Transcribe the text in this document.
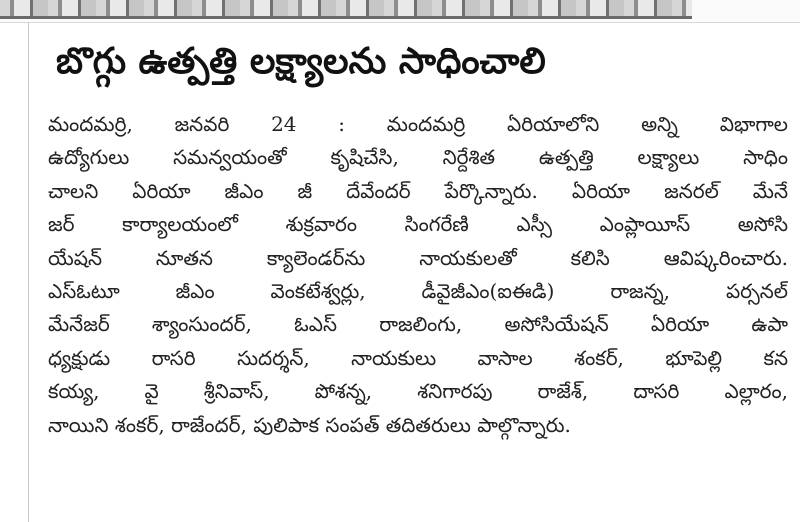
బొగ్గు ఉత్పత్తి లక్ష్యాలను సాధించాలి
మందమర్రి, జనవరి 24 : మందమర్రి ఏరియాలోని అన్ని విభాగాల
ఉద్యోగులు సమన్వయంతో కృషిచేసి, నిర్దేశిత ఉత్పత్తి లక్ష్యాలు సాధిం
చాలని ఏరియా జీఎం జీ దేవేందర్ పేర్కొన్నారు. ఏరియా జనరల్ మేనే
జర్ కార్యాలయంలో శుక్రవారం సింగరేణి ఎస్సీ ఎంప్లాయీస్ అసోసి
యేషన్ నూతన క్యాలెండర్‌ను నాయకులతో కలిసి ఆవిష్కరించారు.
ఎస్ఓటూ జీఎం వెంకటేశ్వర్లు, డీవైజీఎం(ఐఈడి) రాజన్న, పర్సనల్
మేనేజర్ శ్యాంసుందర్, ఓఎస్ రాజలింగు, అసోసియేషన్ ఏరియా ఉపా
ధ్యక్షుడు రాసరి సుదర్శన్, నాయకులు వాసాల శంకర్, భూపెల్లి కన
కయ్య, వై శ్రీనివాస్, పోశన్న, శనిగారపు రాజేశ్, దాసరి ఎల్లారం,
నాయిని శంకర్, రాజేందర్, పులిపాక సంపత్ తదితరులు పాల్గొన్నారు.
